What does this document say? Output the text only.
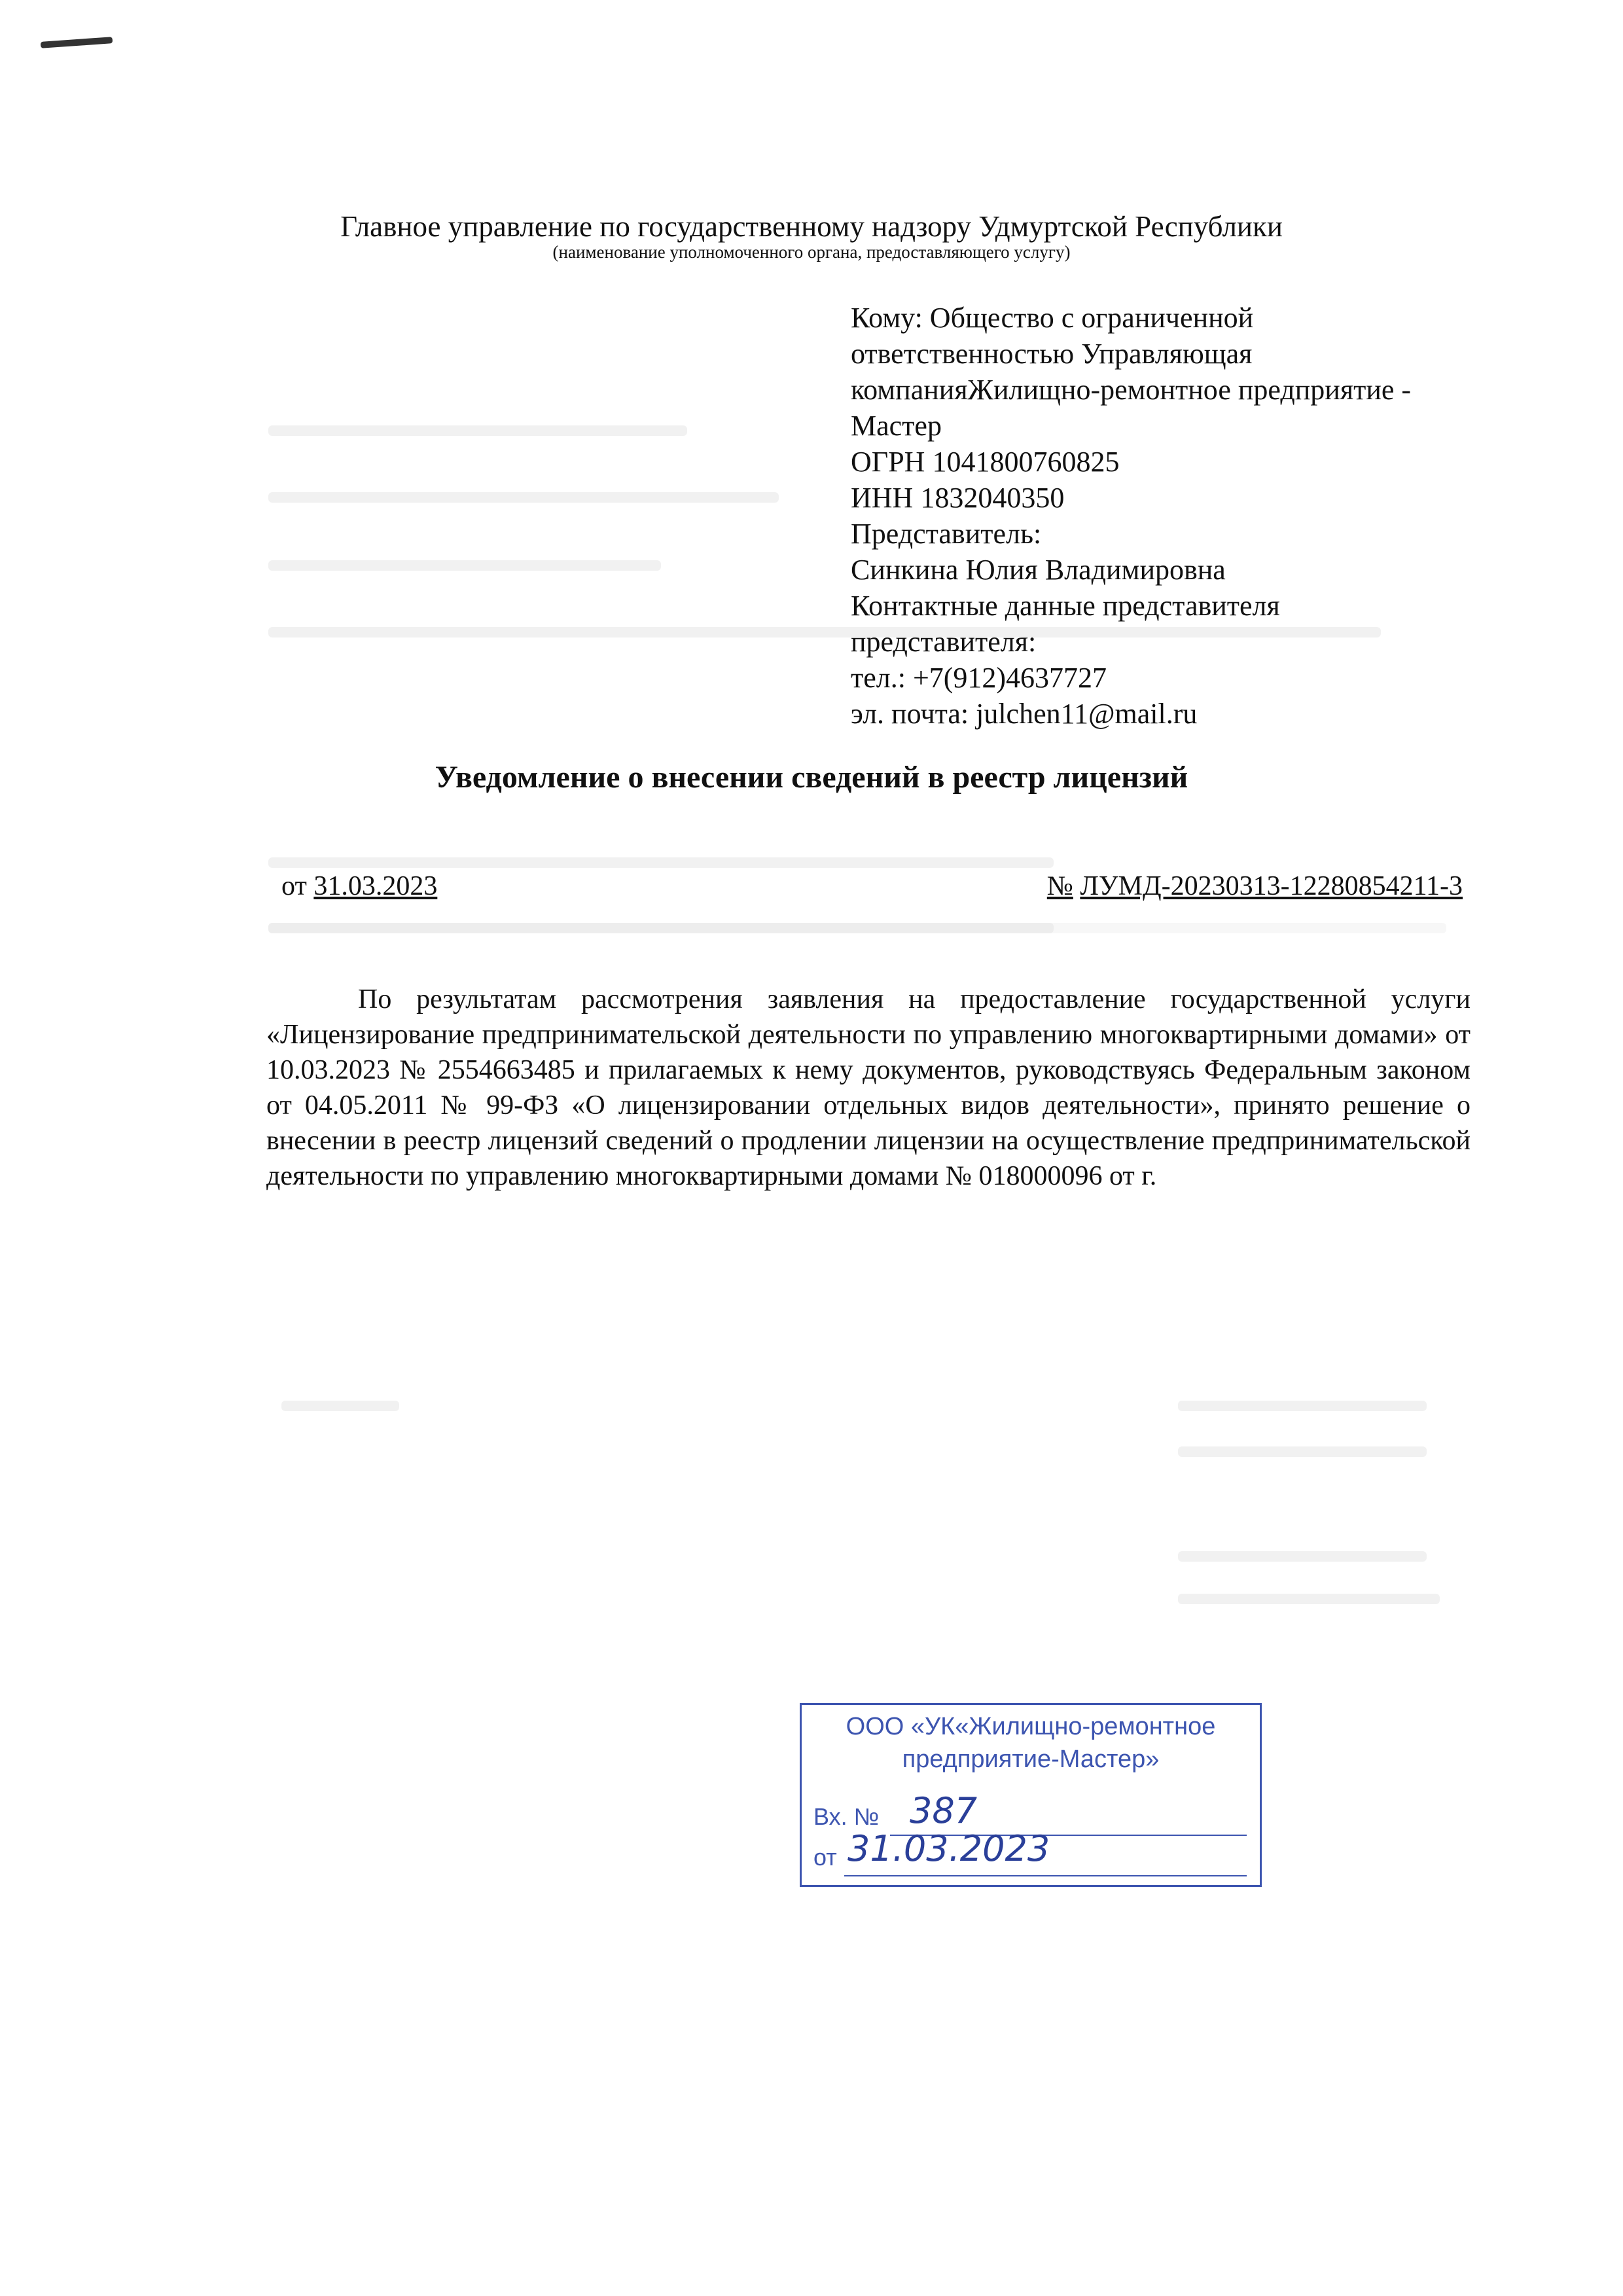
Главное управление по государственному надзору Удмуртской Республики
(наименование уполномоченного органа, предоставляющего услугу)
Кому: Общество с ограниченной
ответственностью Управляющая
компанияЖилищно-ремонтное предприятие -
Мастер
ОГРН 1041800760825
ИНН 1832040350
Представитель:
Синкина Юлия Владимировна
Контактные данные представителя
представителя:
тел.: +7(912)4637727
эл. почта: julchen11@mail.ru
Уведомление о внесении сведений в реестр лицензий
от 31.03.2023	№ ЛУМД-20230313-12280854211-3
По результатам рассмотрения заявления на предоставление государственной услуги «Лицензирование предпринимательской деятельности по управлению многоквартирными домами» от 10.03.2023 № 2554663485 и прилагаемых к нему документов, руководствуясь Федеральным законом от 04.05.2011 № 99-ФЗ «О лицензировании отдельных видов деятельности», принято решение о внесении в реестр лицензий сведений о продлении лицензии на осуществление предпринимательской деятельности по управлению многоквартирными домами № 018000096 от г.
ООО «УК«Жилищно-ремонтное
предприятие-Мастер»
Вх. № 387
от 31.03.2023
